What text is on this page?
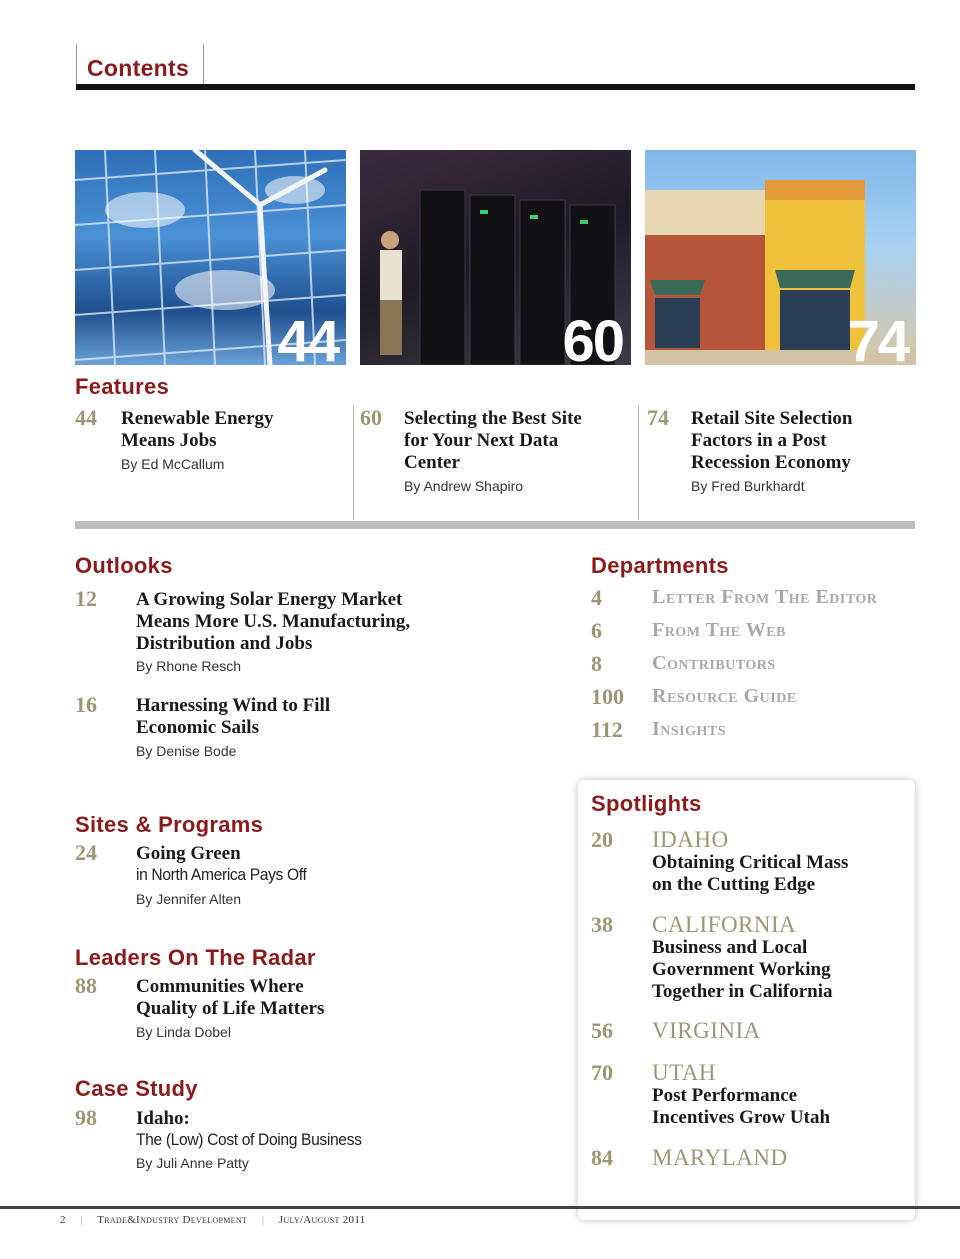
Contents
44	60	74
Features
44 Renewable Energy
Means Jobs
By Ed McCallum
60 Selecting the Best Site
for Your Next Data
Center
By Andrew Shapiro
74 Retail Site Selection
Factors in a Post
Recession Economy
By Fred Burkhardt
Outlooks
12 A Growing Solar Energy Market
Means More U.S. Manufacturing,
Distribution and Jobs
By Rhone Resch
16 Harnessing Wind to Fill
Economic Sails
By Denise Bode
Sites & Programs
24 Going Green
in North America Pays Off
By Jennifer Alten
Leaders On The Radar
88 Communities Where
Quality of Life Matters
By Linda Dobel
Case Study
98 Idaho:
The (Low) Cost of Doing Business
By Juli Anne Patty
Departments
4	Letter From The Editor
6	From The Web
8	Contributors
100 Resource Guide
112 Insights
Spotlights
20 IDAHO
Obtaining Critical Mass
on the Cutting Edge
38 CALIFORNIA
Business and Local
Government Working
Together in California
56 VIRGINIA
70 UTAH
Post Performance
Incentives Grow Utah
84 MARYLAND
2 | Trade&Industry Development | July/August 2011
